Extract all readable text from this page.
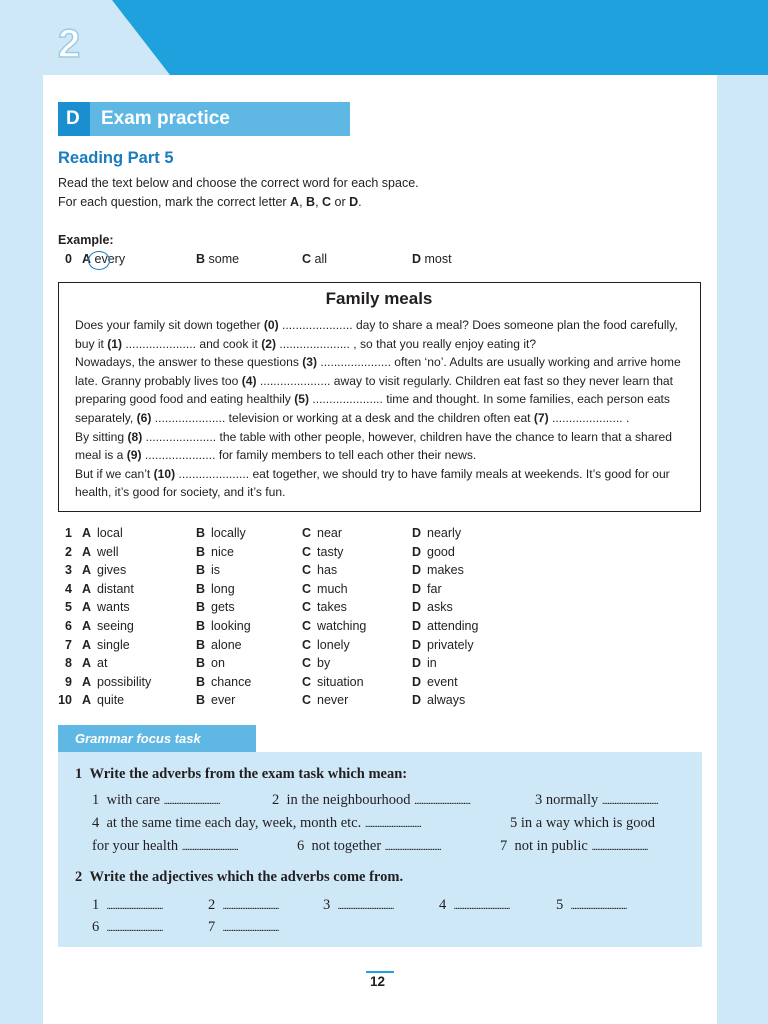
2
D Exam practice
Reading Part 5
Read the text below and choose the correct word for each space.
For each question, mark the correct letter A, B, C or D.
Example:
0 A every	B some	C all	D most
Family meals
Does your family sit down together (0) ..................... day to share a meal? Does someone plan the food carefully,
buy it (1) ..................... and cook it (2) ..................... , so that you really enjoy eating it?
Nowadays, the answer to these questions (3) ..................... often ‘no’. Adults are usually working and arrive home
late. Granny probably lives too (4) ..................... away to visit regularly. Children eat fast so they never learn that
preparing good food and eating healthily (5) ..................... time and thought. In some families, each person eats
separately, (6) ..................... television or working at a desk and the children often eat (7) ..................... .
By sitting (8) ..................... the table with other people, however, children have the chance to learn that a shared
meal is a (9) ..................... for family members to tell each other their news.
But if we can’t (10) ..................... eat together, we should try to have family meals at weekends. It’s good for our
health, it’s good for society, and it’s fun.
1 A local	B locally	C near	D nearly
2 A well	B nice	C tasty	D good
3 A gives	B is	C has	D makes
4 A distant	B long	C much	D far
5 A wants	B gets	C takes	D asks
6 A seeing	B looking	C watching	D attending
7 A single	B alone	C lonely	D privately
8 A at	B on	C by	D in
9 A possibility	B chance	C situation	D event
10 A quite	B ever	C never	D always
Grammar focus task
1 Write the adverbs from the exam task which mean:
1 with care ................................	2 in the neighbourhood ................................	3 normally ................................
4 at the same time each day, week, month etc. ................................	5 in a way which is good
for your health ................................	6 not together ................................	7 not in public ................................
2 Write the adjectives which the adverbs come from.
1 ................................	2 ................................	3 ................................	4 ................................	5 ................................
6 ................................	7 ................................
12
